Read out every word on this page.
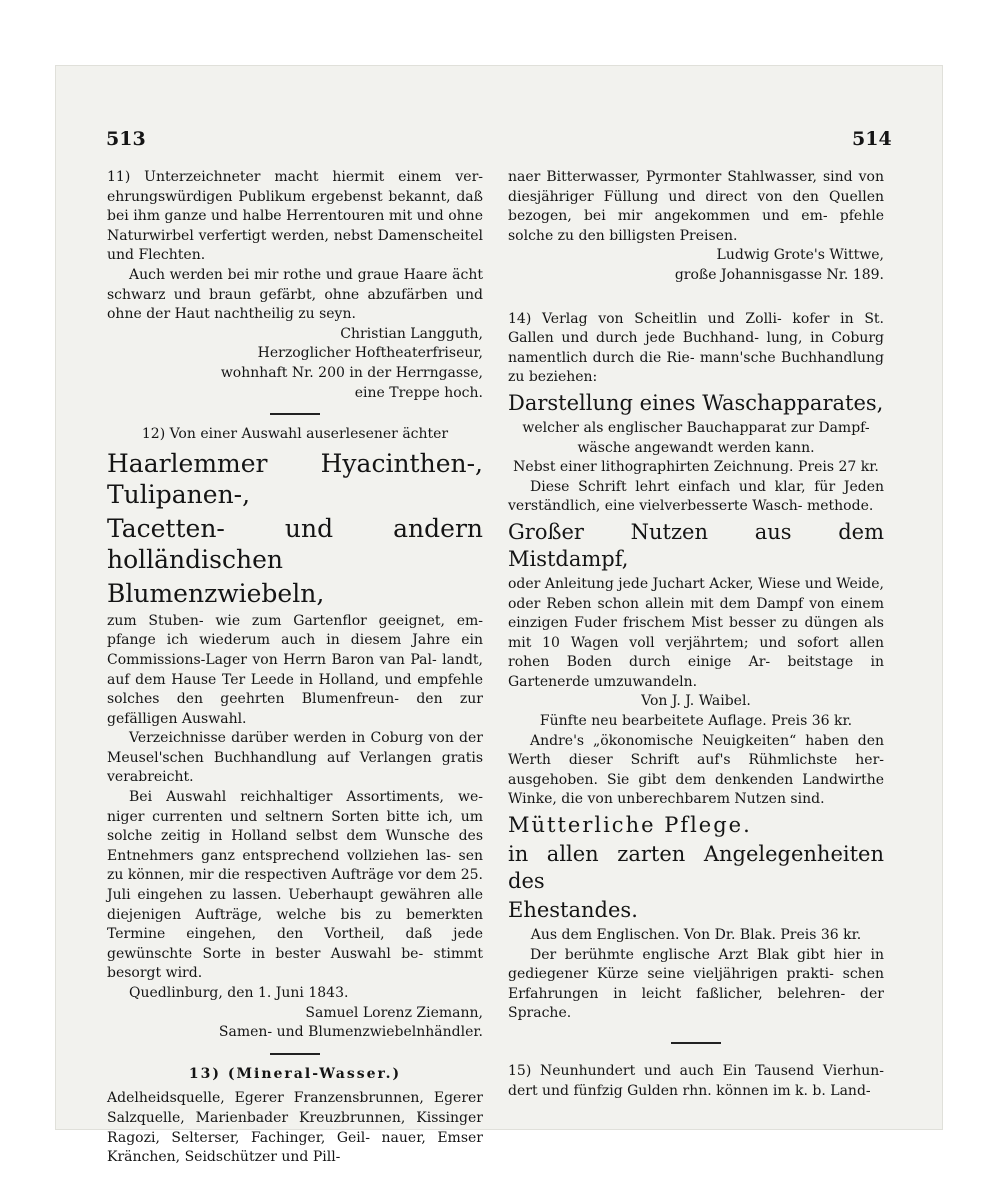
513	514

11) Unterzeichneter macht hiermit einem ver- ehrungswürdigen Publikum ergebenst bekannt, daß bei ihm ganze und halbe Herrentouren mit und ohne Naturwirbel verfertigt werden, nebst Damenscheitel und Flechten.

Auch werden bei mir rothe und graue Haare ächt schwarz und braun gefärbt, ohne abzufärben und ohne der Haut nachtheilig zu seyn.

Christian Langguth,

Herzoglicher Hoftheaterfriseur,

wohnhaft Nr. 200 in der Herrngasse,

eine Treppe hoch.

12) Von einer Auswahl auserlesener ächter

Haarlemmer Hyacinthen-, Tulipanen-,

Tacetten- und andern holländischen

Blumenzwiebeln,

zum Stuben- wie zum Gartenflor geeignet, em- pfange ich wiederum auch in diesem Jahre ein Commissions-Lager von Herrn Baron van Pal- landt, auf dem Hause Ter Leede in Holland, und empfehle solches den geehrten Blumenfreun- den zur gefälligen Auswahl.

Verzeichnisse darüber werden in Coburg von der Meusel'schen Buchhandlung auf Verlangen gratis verabreicht.

Bei Auswahl reichhaltiger Assortiments, we- niger currenten und seltnern Sorten bitte ich, um solche zeitig in Holland selbst dem Wunsche des Entnehmers ganz entsprechend vollziehen las- sen zu können, mir die respectiven Aufträge vor dem 25. Juli eingehen zu lassen. Ueberhaupt gewähren alle diejenigen Aufträge, welche bis zu bemerkten Termine eingehen, den Vortheil, daß jede gewünschte Sorte in bester Auswahl be- stimmt besorgt wird.

Quedlinburg, den 1. Juni 1843.

Samuel Lorenz Ziemann,

Samen- und Blumenzwiebelnhändler.

13) (Mineral-Wasser.)

Adelheidsquelle, Egerer Franzensbrunnen, Egerer Salzquelle, Marienbader Kreuzbrunnen, Kissinger Ragozi, Selterser, Fachinger, Geil- nauer, Emser Kränchen, Seidschützer und Pill-

naer Bitterwasser, Pyrmonter Stahlwasser, sind von diesjähriger Füllung und direct von den Quellen bezogen, bei mir angekommen und em- pfehle solche zu den billigsten Preisen.

Ludwig Grote's Wittwe,

große Johannisgasse Nr. 189.

14) Verlag von Scheitlin und Zolli- kofer in St. Gallen und durch jede Buchhand- lung, in Coburg namentlich durch die Rie- mann'sche Buchhandlung zu beziehen:

Darstellung eines Waschapparates,

welcher als englischer Bauchapparat zur Dampf- wäsche angewandt werden kann.

Nebst einer lithographirten Zeichnung. Preis 27 kr.

Diese Schrift lehrt einfach und klar, für Jeden verständlich, eine vielverbesserte Wasch- methode.

Großer Nutzen aus dem Mistdampf,

oder Anleitung jede Juchart Acker, Wiese und Weide, oder Reben schon allein mit dem Dampf von einem einzigen Fuder frischem Mist besser zu düngen als mit 10 Wagen voll verjährtem; und sofort allen rohen Boden durch einige Ar- beitstage in Gartenerde umzuwandeln.

Von J. J. Waibel.

Fünfte neu bearbeitete Auflage. Preis 36 kr.

Andre's „ökonomische Neuigkeiten“ haben den Werth dieser Schrift auf's Rühmlichste her- ausgehoben. Sie gibt dem denkenden Landwirthe Winke, die von unberechbarem Nutzen sind.

Mütterliche Pflege.

in allen zarten Angelegenheiten des

Ehestandes.

Aus dem Englischen. Von Dr. Blak. Preis 36 kr.

Der berühmte englische Arzt Blak gibt hier in gediegener Kürze seine vieljährigen prakti- schen Erfahrungen in leicht faßlicher, belehren- der Sprache.

15) Neunhundert und auch Ein Tausend Vierhun- dert und fünfzig Gulden rhn. können im k. b. Land-
